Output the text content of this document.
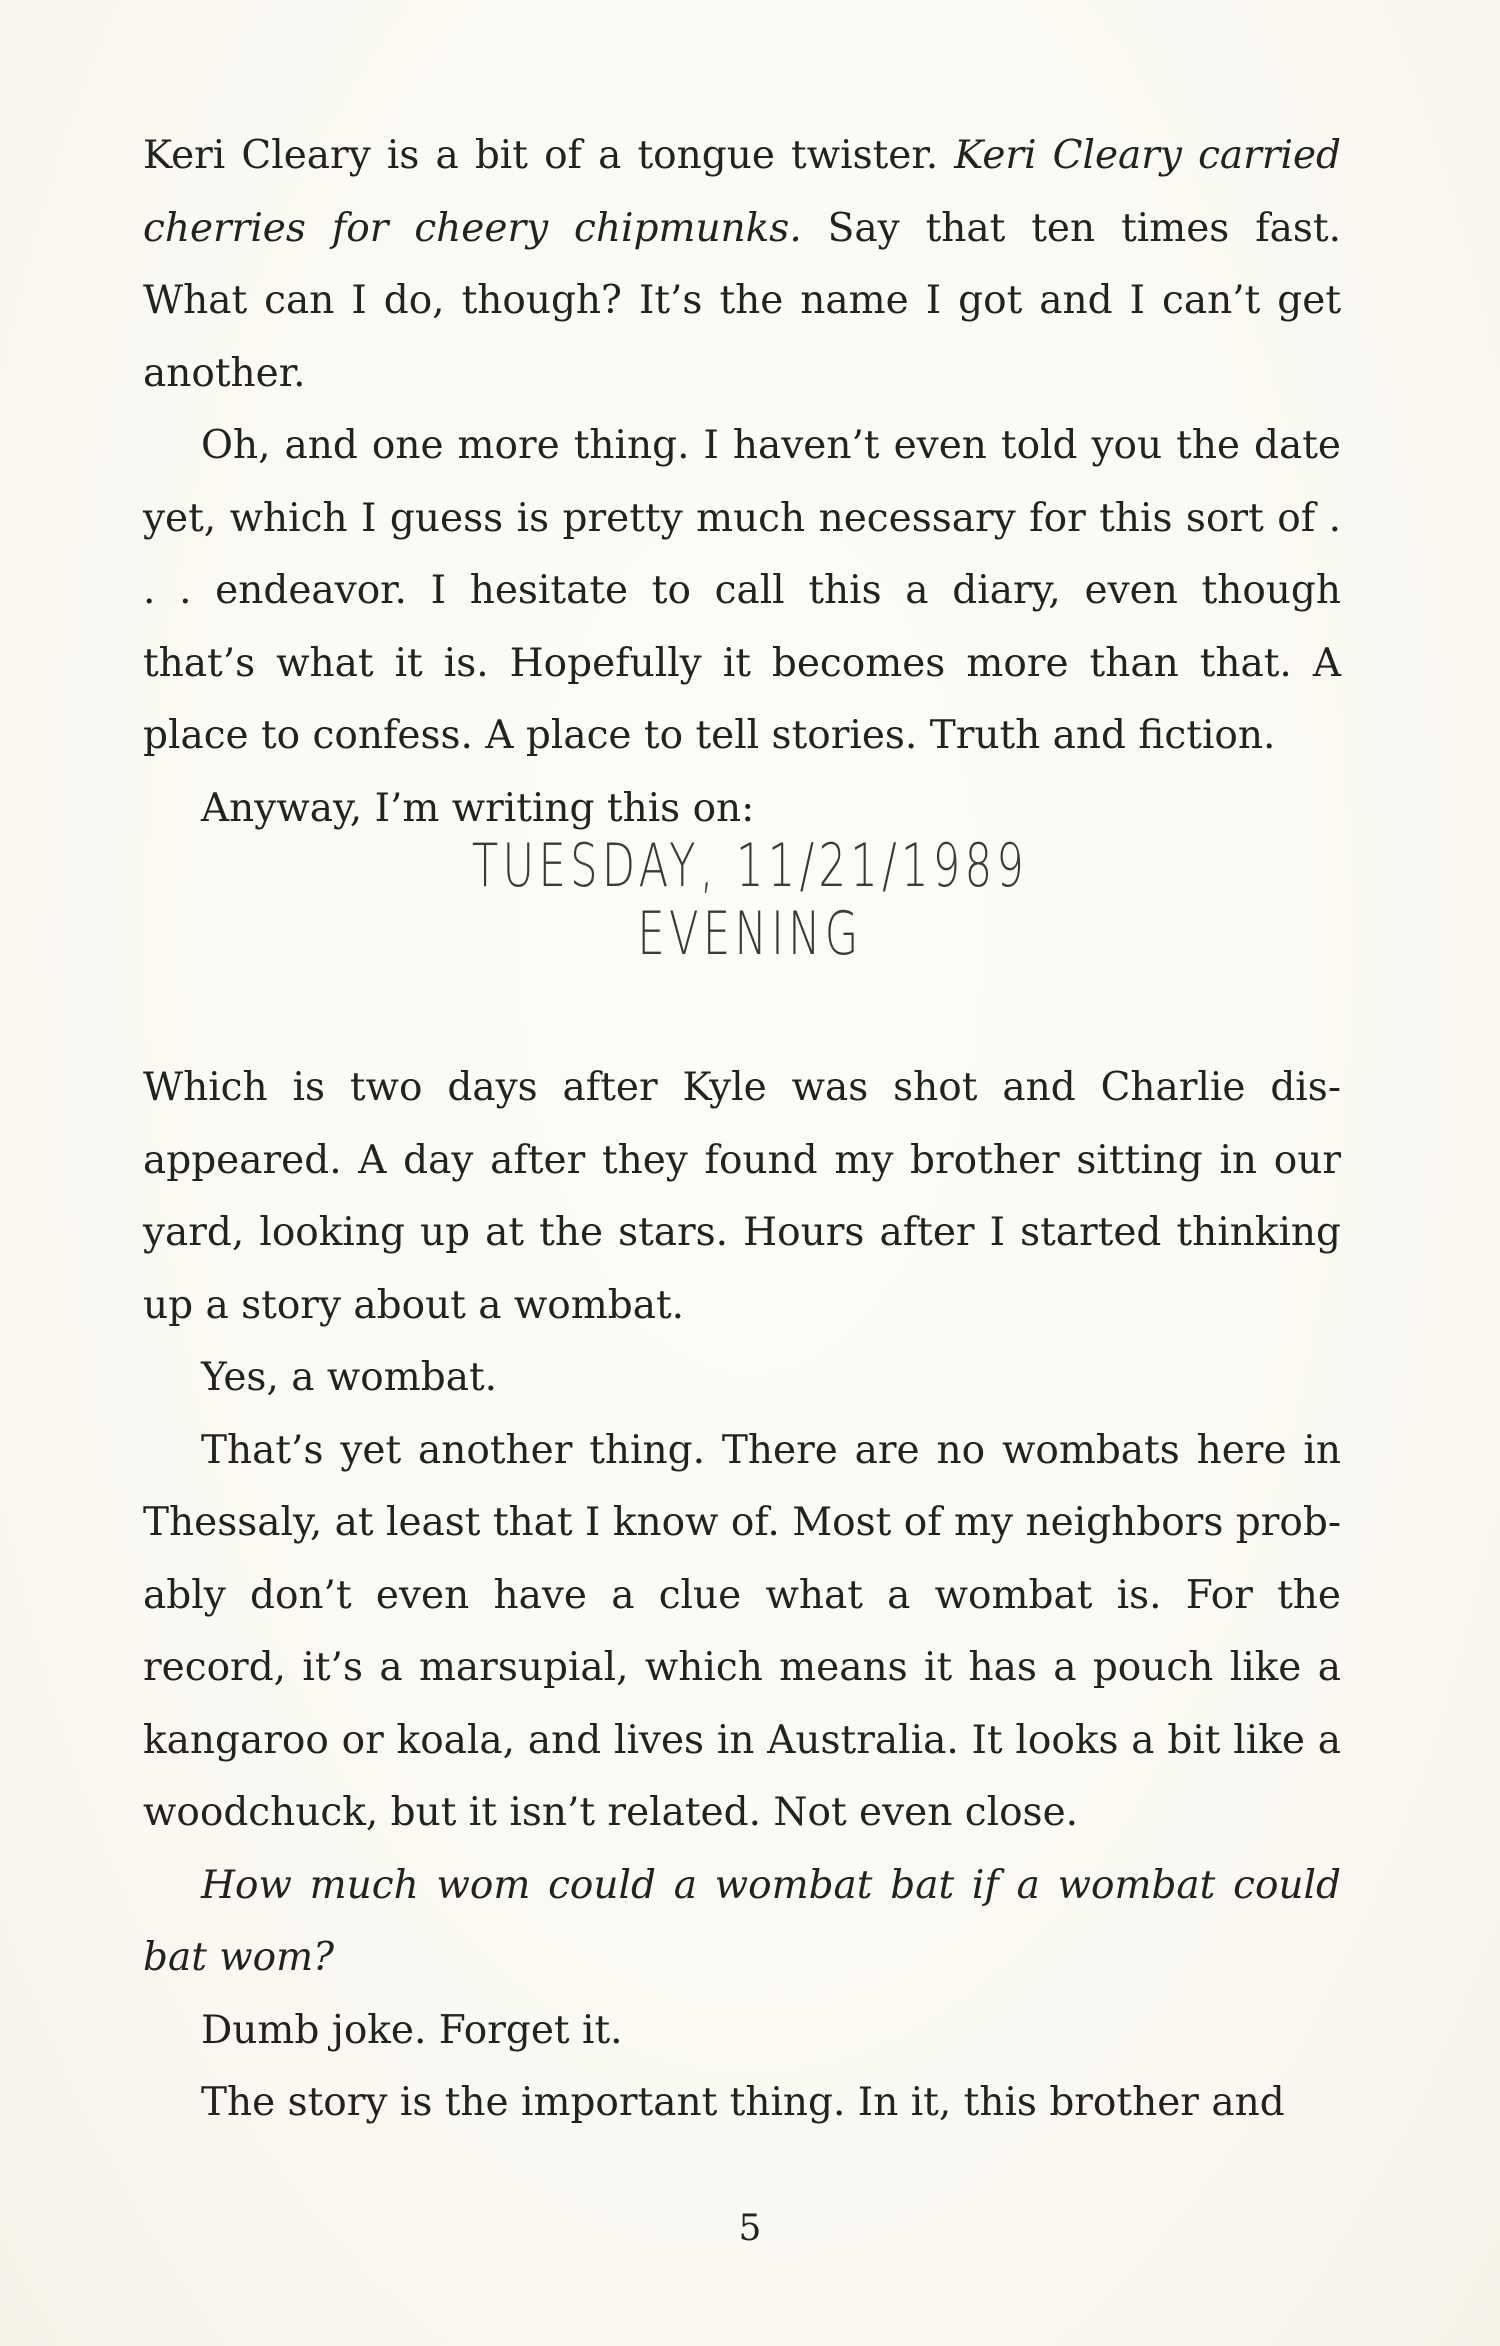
Keri Cleary is a bit of a tongue twister. Keri Cleary carried cherries for cheery chipmunks. Say that ten times fast. What can I do, though? It’s the name I got and I can’t get another.

Oh, and one more thing. I haven’t even told you the date yet, which I guess is pretty much necessary for this sort of . . . endeavor. I hesitate to call this a diary, even though that’s what it is. Hopefully it becomes more than that. A place to confess. A place to tell stories. Truth and fiction.

Anyway, I’m writing this on:

TUESDAY, 11/21/1989
EVENING

Which is two days after Kyle was shot and Charlie disappeared. A day after they found my brother sitting in our yard, looking up at the stars. Hours after I started thinking up a story about a wombat.

Yes, a wombat.

That’s yet another thing. There are no wombats here in Thessaly, at least that I know of. Most of my neighbors probably don’t even have a clue what a wombat is. For the record, it’s a marsupial, which means it has a pouch like a kangaroo or koala, and lives in Australia. It looks a bit like a woodchuck, but it isn’t related. Not even close.

How much wom could a wombat bat if a wombat could bat wom?

Dumb joke. Forget it.

The story is the important thing. In it, this brother and

5
